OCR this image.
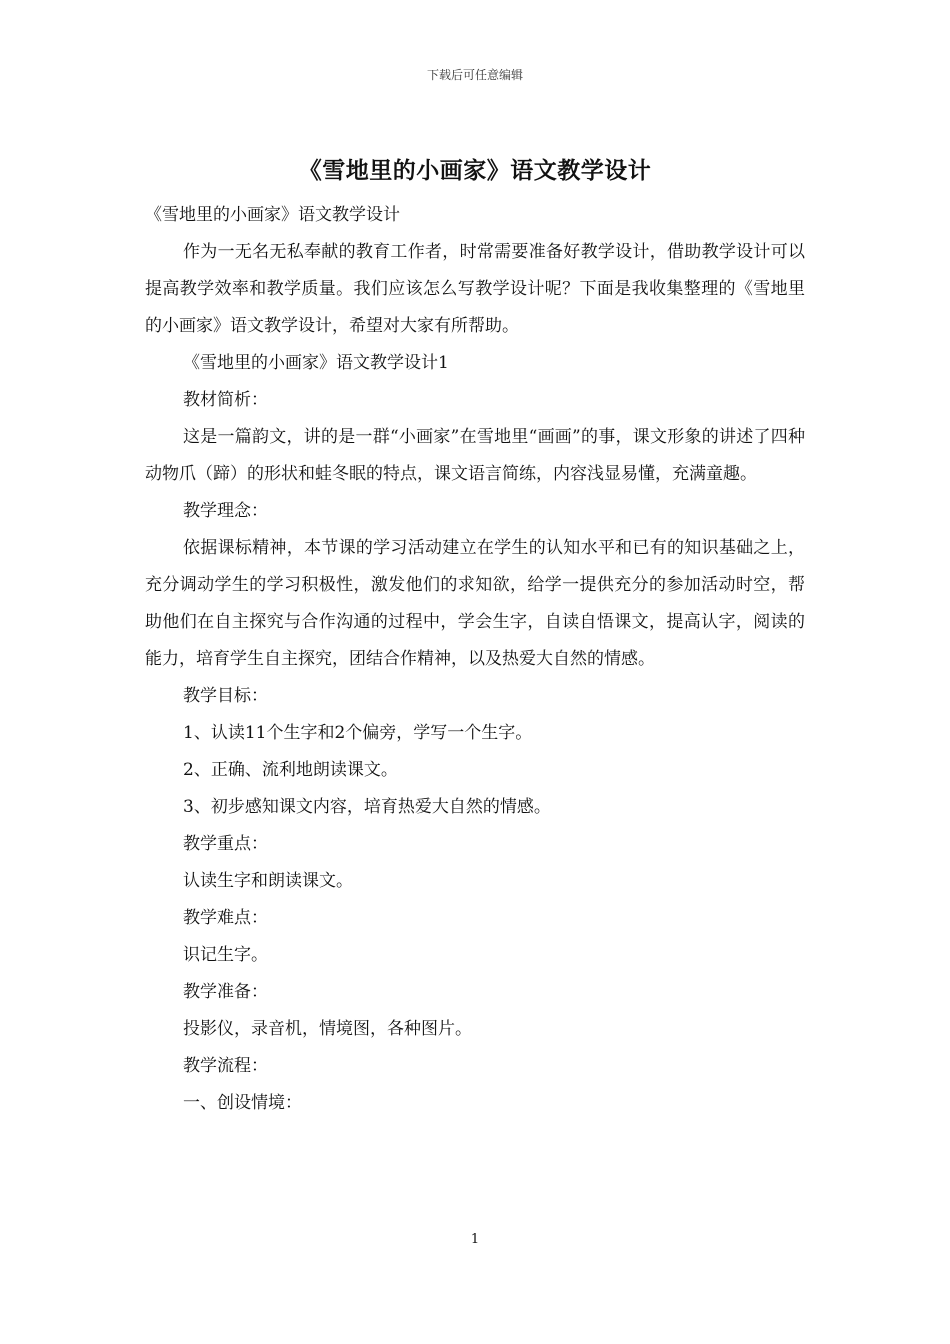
下载后可任意编辑
《雪地里的小画家》语文教学设计

《雪地里的小画家》语文教学设计

作为一无名无私奉献的教育工作者，时常需要准备好教学设计，借助教学设计可以提高教学效率和教学质量。我们应该怎么写教学设计呢？下面是我收集整理的《雪地里的小画家》语文教学设计，希望对大家有所帮助。

《雪地里的小画家》语文教学设计1

教材简析：

这是一篇韵文，讲的是一群“小画家”在雪地里“画画”的事，课文形象的讲述了四种动物爪（蹄）的形状和蛙冬眠的特点，课文语言简练，内容浅显易懂，充满童趣。

教学理念：

依据课标精神，本节课的学习活动建立在学生的认知水平和已有的知识基础之上，充分调动学生的学习积极性，激发他们的求知欲，给学一提供充分的参加活动时空，帮助他们在自主探究与合作沟通的过程中，学会生字，自读自悟课文，提高认字，阅读的能力，培育学生自主探究，团结合作精神，以及热爱大自然的情感。

教学目标：

1、认读11个生字和2个偏旁，学写一个生字。

2、正确、流利地朗读课文。

3、初步感知课文内容，培育热爱大自然的情感。

教学重点：

认读生字和朗读课文。

教学难点：

识记生字。

教学准备：

投影仪，录音机，情境图，各种图片。

教学流程：

一、创设情境：

1
